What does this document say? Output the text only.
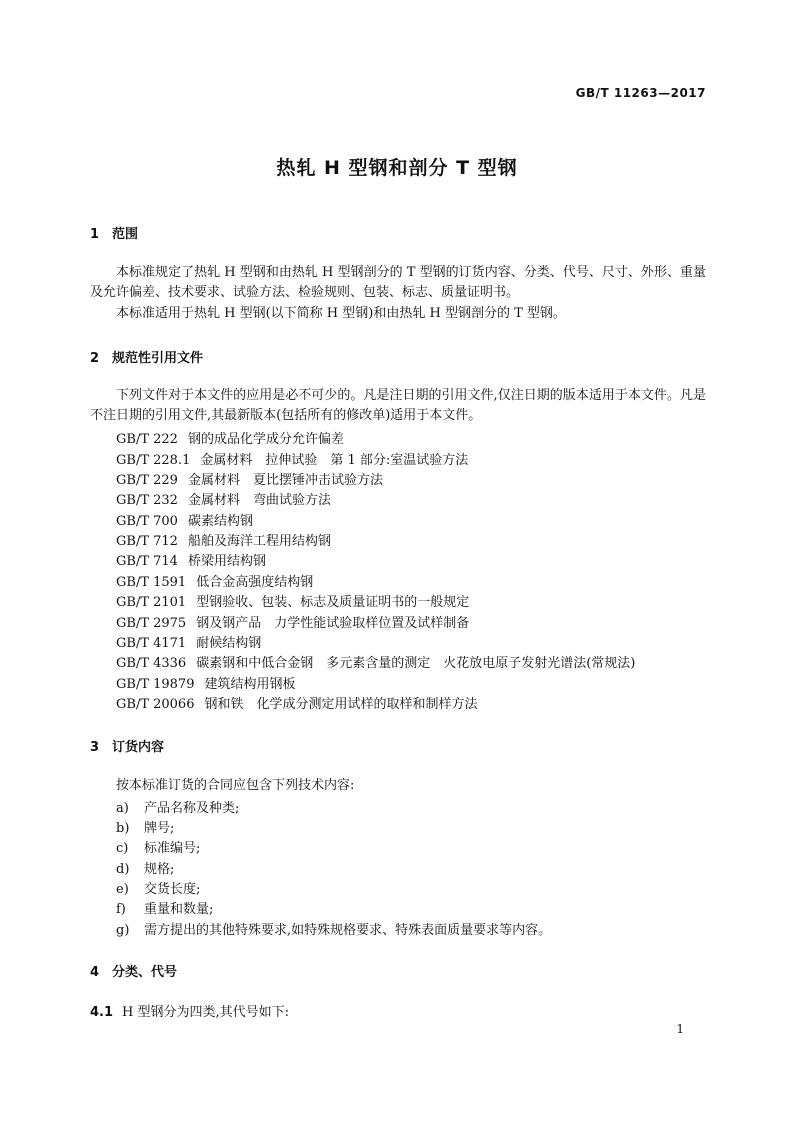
GB/T 11263—2017
热轧 H 型钢和剖分 T 型钢
1 范围
本标准规定了热轧 H 型钢和由热轧 H 型钢剖分的 T 型钢的订货内容、分类、代号、尺寸、外形、重量及允许偏差、技术要求、试验方法、检验规则、包装、标志、质量证明书。
本标准适用于热轧 H 型钢(以下简称 H 型钢)和由热轧 H 型钢剖分的 T 型钢。
2 规范性引用文件
下列文件对于本文件的应用是必不可少的。凡是注日期的引用文件,仅注日期的版本适用于本文件。凡是不注日期的引用文件,其最新版本(包括所有的修改单)适用于本文件。
GB/T 222 钢的成品化学成分允许偏差
GB/T 228.1 金属材料　拉伸试验　第 1 部分:室温试验方法
GB/T 229 金属材料　夏比摆锤冲击试验方法
GB/T 232 金属材料　弯曲试验方法
GB/T 700 碳素结构钢
GB/T 712 船舶及海洋工程用结构钢
GB/T 714 桥梁用结构钢
GB/T 1591 低合金高强度结构钢
GB/T 2101 型钢验收、包装、标志及质量证明书的一般规定
GB/T 2975 钢及钢产品　力学性能试验取样位置及试样制备
GB/T 4171 耐候结构钢
GB/T 4336 碳素钢和中低合金钢　多元素含量的测定　火花放电原子发射光谱法(常规法)
GB/T 19879 建筑结构用钢板
GB/T 20066 钢和铁　化学成分测定用试样的取样和制样方法
3 订货内容
按本标准订货的合同应包含下列技术内容:
a) 产品名称及种类;
b) 牌号;
c) 标准编号;
d) 规格;
e) 交货长度;
f) 重量和数量;
g) 需方提出的其他特殊要求,如特殊规格要求、特殊表面质量要求等内容。
4 分类、代号
4.1 H 型钢分为四类,其代号如下:
1
